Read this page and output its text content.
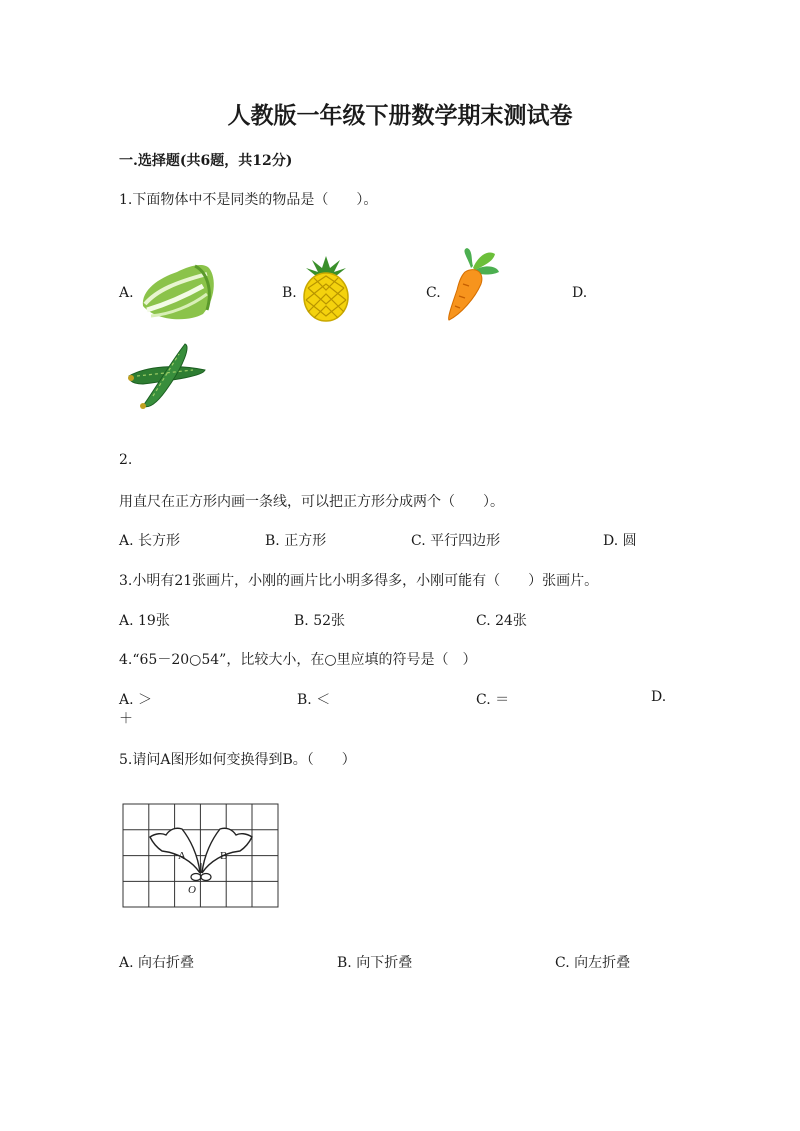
人教版一年级下册数学期末测试卷
一.选择题(共6题，共12分)
1.下面物体中不是同类的物品是（　　）。
A.	B.	C.	D.
2.
用直尺在正方形内画一条线，可以把正方形分成两个（　　）。
A. 长方形	B. 正方形	C. 平行四边形	D. 圆
3.小明有21张画片，小刚的画片比小明多得多，小刚可能有（　　）张画片。
A. 19张	B. 52张	C. 24张
4.“65－20○54”，比较大小，在○里应填的符号是（　）
A. ＞	B. ＜	C. ＝	D.
＋
5.请问A图形如何变换得到B。（　　）
A	B
O
A. 向右折叠	B. 向下折叠	C. 向左折叠
